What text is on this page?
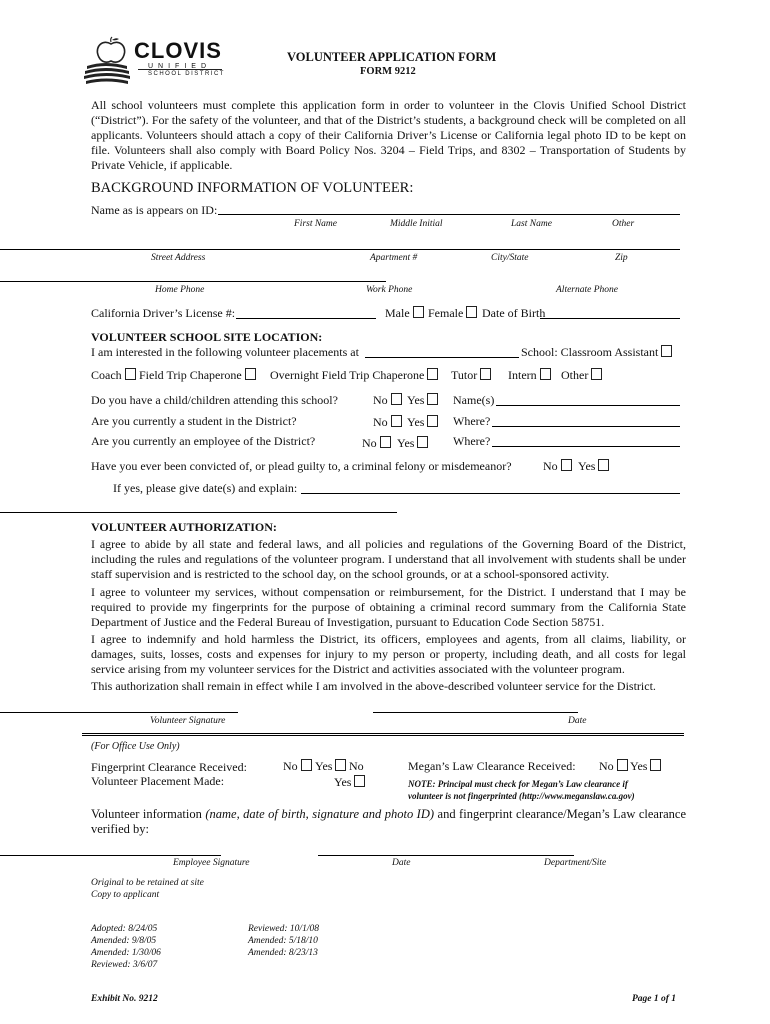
CLOVIS
UNIFIED
SCHOOL DISTRICT
VOLUNTEER APPLICATION FORM
FORM 9212
All school volunteers must complete this application form in order to volunteer in the Clovis Unified School District (“District”). For the safety of the volunteer, and that of the District’s students, a background check will be completed on all applicants. Volunteers should attach a copy of their California Driver’s License or California legal photo ID to be kept on file. Volunteers shall also comply with Board Policy Nos. 3204 – Field Trips, and 8302 – Transportation of Students by Private Vehicle, if applicable.
BACKGROUND INFORMATION OF VOLUNTEER:
Name as is appears on ID:
First Name	Middle Initial	Last Name	Other
Street Address	Apartment #	City/State	Zip
Home Phone	Work Phone	Alternate Phone
California Driver’s License #:	Male	Female	Date of Birth
VOLUNTEER SCHOOL SITE LOCATION:
I am interested in the following volunteer placements at	School: Classroom Assistant
Coach	Field Trip Chaperone	Overnight Field Trip Chaperone	Tutor	Intern	Other
Do you have a child/children attending this school?	No	Yes	Name(s)
Are you currently a student in the District?	No	Yes	Where?
Are you currently an employee of the District?	No	Yes	Where?
Have you ever been convicted of, or plead guilty to, a criminal felony or misdemeanor?	No	Yes
If yes, please give date(s) and explain:
VOLUNTEER AUTHORIZATION:
I agree to abide by all state and federal laws, and all policies and regulations of the Governing Board of the District, including the rules and regulations of the volunteer program. I understand that all involvement with students shall be under staff supervision and is restricted to the school day, on the school grounds, or at a school-sponsored activity.
I agree to volunteer my services, without compensation or reimbursement, for the District. I understand that I may be required to provide my fingerprints for the purpose of obtaining a criminal record summary from the California State Department of Justice and the Federal Bureau of Investigation, pursuant to Education Code Section 58751.
I agree to indemnify and hold harmless the District, its officers, employees and agents, from all claims, liability, or damages, suits, losses, costs and expenses for injury to my person or property, including death, and all costs for legal service arising from my volunteer services for the District and activities associated with the volunteer program.
This authorization shall remain in effect while I am involved in the above-described volunteer service for the District.
Volunteer Signature	Date
(For Office Use Only)
Fingerprint Clearance Received:	No	Yes	No
Volunteer Placement Made:	Yes
Megan’s Law Clearance Received: No	Yes
NOTE: Principal must check for Megan’s Law clearance if
volunteer is not fingerprinted (http://www.meganslaw.ca.gov)
Volunteer information (name, date of birth, signature and photo ID) and fingerprint clearance/Megan’s Law clearance verified by:
Employee Signature	Date	Department/Site
Original to be retained at site
Copy to applicant
Adopted: 8/24/05
Amended: 9/8/05
Amended: 1/30/06
Reviewed: 3/6/07
Reviewed: 10/1/08
Amended: 5/18/10
Amended: 8/23/13
Exhibit No. 9212	Page 1 of 1
